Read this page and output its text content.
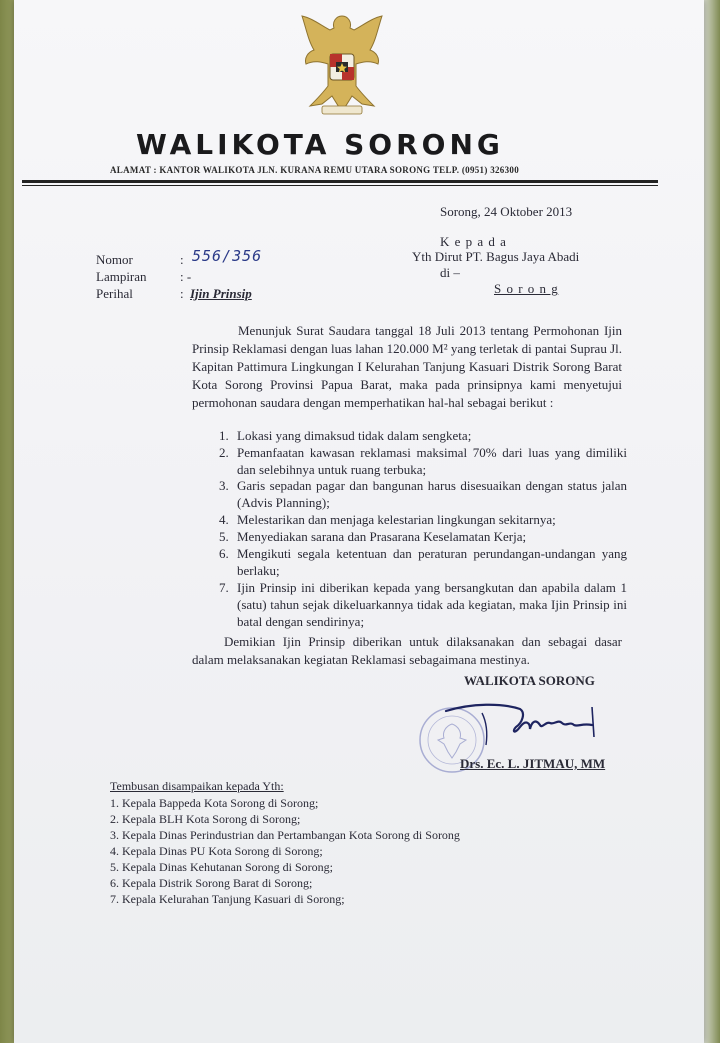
WALIKOTA SORONG
ALAMAT : KANTOR WALIKOTA JLN. KURANA REMU UTARA SORONG TELP. (0951) 326300
Sorong, 24 Oktober 2013
Nomor	: 556/356
Lampiran	: -
Perihal	: Ijin Prinsip
K e p a d a
Yth Dirut PT. Bagus Jaya Abadi
di –
S o r o n g
Menunjuk Surat Saudara tanggal 18 Juli 2013 tentang Permohonan Ijin Prinsip Reklamasi dengan luas lahan 120.000 M² yang terletak di pantai Suprau Jl. Kapitan Pattimura Lingkungan I Kelurahan Tanjung Kasuari Distrik Sorong Barat Kota Sorong Provinsi Papua Barat, maka pada prinsipnya kami menyetujui permohonan saudara dengan memperhatikan hal-hal sebagai berikut :
1. Lokasi yang dimaksud tidak dalam sengketa;
2. Pemanfaatan kawasan reklamasi maksimal 70% dari luas yang dimiliki dan selebihnya untuk ruang terbuka;
3. Garis sepadan pagar dan bangunan harus disesuaikan dengan status jalan (Advis Planning);
4. Melestarikan dan menjaga kelestarian lingkungan sekitarnya;
5. Menyediakan sarana dan Prasarana Keselamatan Kerja;
6. Mengikuti segala ketentuan dan peraturan perundangan-undangan yang berlaku;
7. Ijin Prinsip ini diberikan kepada yang bersangkutan dan apabila dalam 1 (satu) tahun sejak dikeluarkannya tidak ada kegiatan, maka Ijin Prinsip ini batal dengan sendirinya;
Demikian Ijin Prinsip diberikan untuk dilaksanakan dan sebagai dasar dalam melaksanakan kegiatan Reklamasi sebagaimana mestinya.
WALIKOTA SORONG
Drs. Ec. L. JITMAU, MM
Tembusan disampaikan kepada Yth:
1. Kepala Bappeda Kota Sorong di Sorong;
2. Kepala BLH Kota Sorong di Sorong;
3. Kepala Dinas Perindustrian dan Pertambangan Kota Sorong di Sorong
4. Kepala Dinas PU Kota Sorong di Sorong;
5. Kepala Dinas Kehutanan Sorong di Sorong;
6. Kepala Distrik Sorong Barat di Sorong;
7. Kepala Kelurahan Tanjung Kasuari di Sorong;
